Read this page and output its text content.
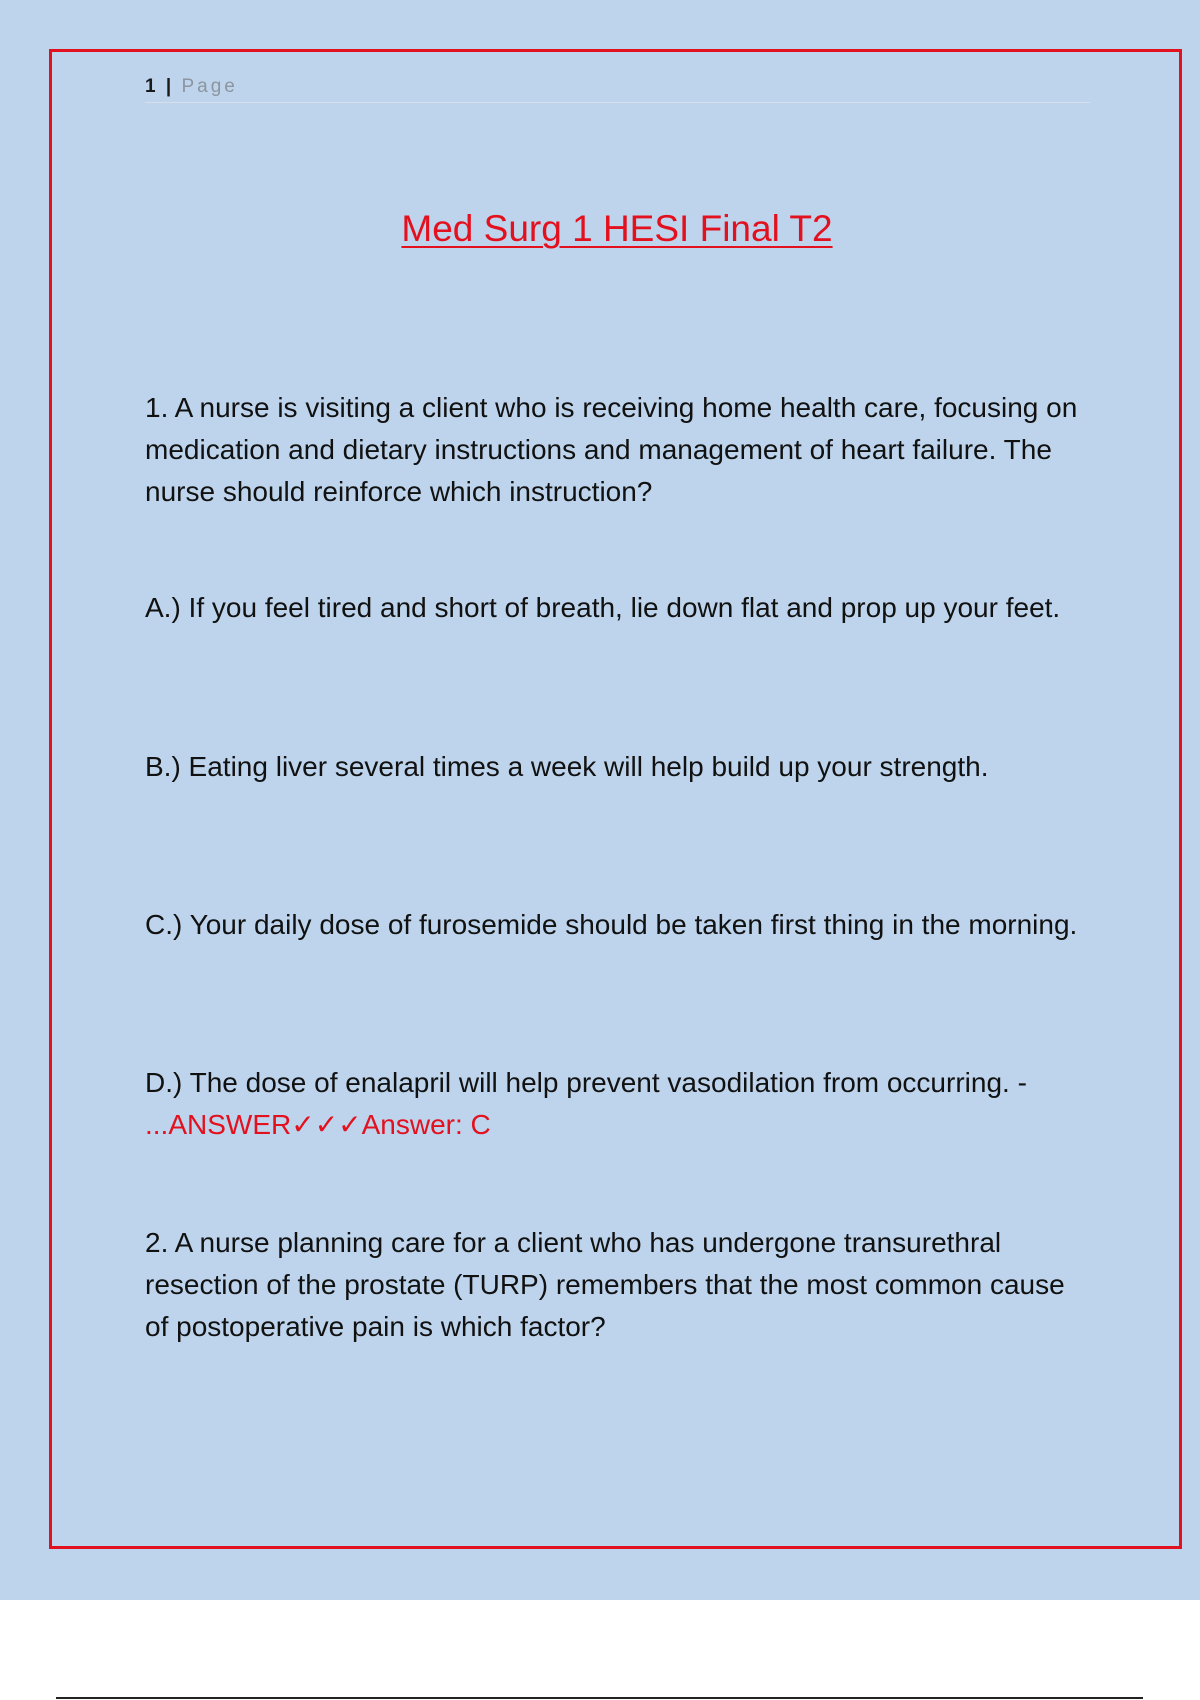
1 | Page
Med Surg 1 HESI Final T2

1. A nurse is visiting a client who is receiving home health care, focusing on medication and dietary instructions and management of heart failure. The nurse should reinforce which instruction?

A.) If you feel tired and short of breath, lie down flat and prop up your feet.

B.) Eating liver several times a week will help build up your strength.

C.) Your daily dose of furosemide should be taken first thing in the morning.

D.) The dose of enalapril will help prevent vasodilation from occurring. - ...ANSWER✓✓✓Answer: C

2. A nurse planning care for a client who has undergone transurethral resection of the prostate (TURP) remembers that the most common cause of postoperative pain is which factor?
